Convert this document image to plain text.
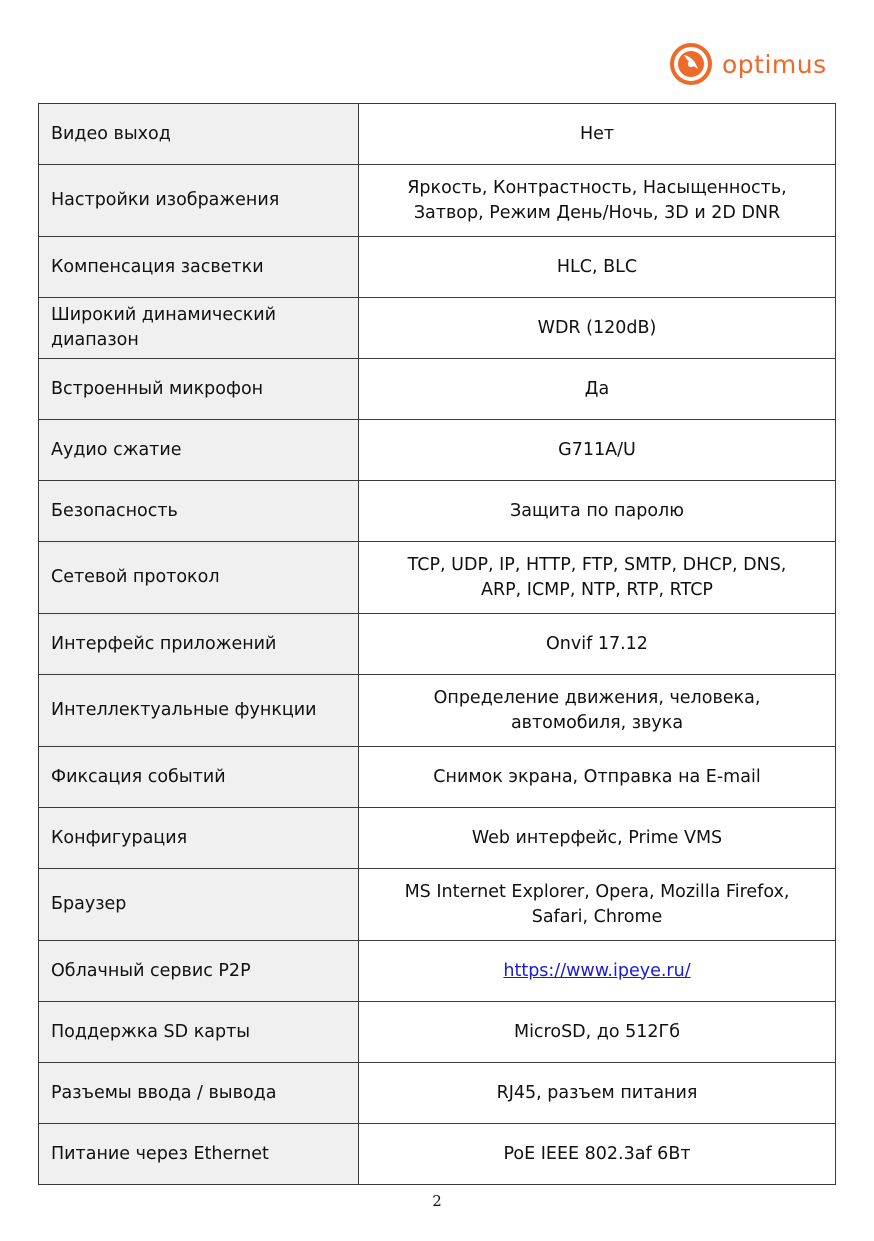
optimus
Видео выход	Нет
Настройки изображения	Яркость, Контрастность, Насыщенность,
Затвор, Режим День/Ночь, 3D и 2D DNR
Компенсация засветки	HLC, BLC
Широкий динамический
диапазон	WDR (120dB)
Встроенный микрофон	Да
Аудио сжатие	G711A/U
Безопасность	Защита по паролю
Сетевой протокол	TCP, UDP, IP, HTTP, FTP, SMTP, DHCP, DNS,
ARP, ICMP, NTP, RTP, RTCP
Интерфейс приложений	Onvif 17.12
Интеллектуальные функции	Определение движения, человека,
автомобиля, звука
Фиксация событий	Снимок экрана, Отправка на E-mail
Конфигурация	Web интерфейс, Prime VMS
Браузер	MS Internet Explorer, Opera, Mozilla Firefox,
Safari, Chrome
Облачный сервис P2P	https://www.ipeye.ru/
Поддержка SD карты	MicroSD, до 512Гб
Разъемы ввода / вывода	RJ45, разъем питания
Питание через Ethernet	PoE IEEE 802.3af 6Вт
2
